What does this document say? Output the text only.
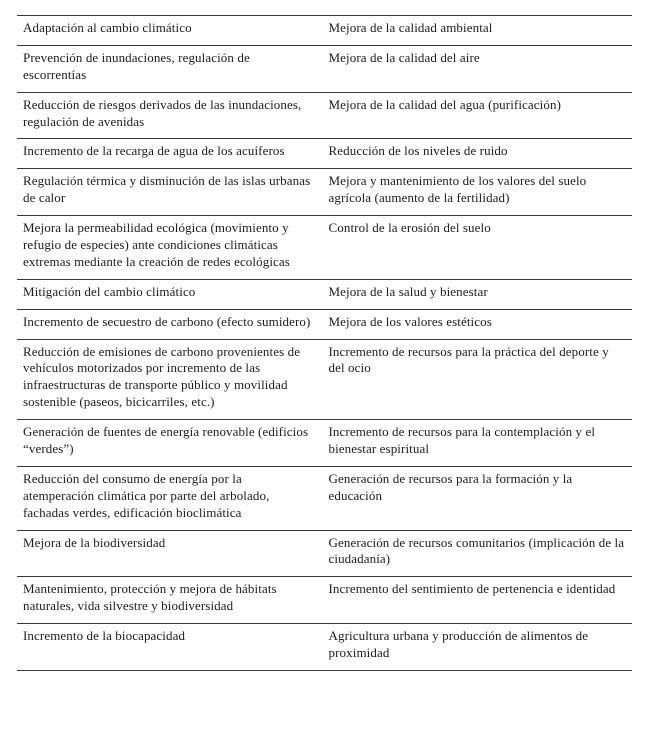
Adaptación al cambio climático	Mejora de la calidad ambiental
Prevención de inundaciones, regulación de escorrentías	Mejora de la calidad del aire
Reducción de riesgos derivados de las inundaciones, regulación de avenidas	Mejora de la calidad del agua (purificación)
Incremento de la recarga de agua de los acuíferos	Reducción de los niveles de ruido
Regulación térmica y disminución de las islas urbanas de calor	Mejora y mantenimiento de los valores del suelo agrícola (aumento de la fertilidad)
Mejora la permeabilidad ecológica (movimiento y refugio de especies) ante condiciones climáticas extremas mediante la creación de redes ecológicas	Control de la erosión del suelo
Mitigación del cambio climático	Mejora de la salud y bienestar
Incremento de secuestro de carbono (efecto sumidero)	Mejora de los valores estéticos
Reducción de emisiones de carbono provenientes de vehículos motorizados por incremento de las infraestructuras de transporte público y movilidad sostenible (paseos, bicicarriles, etc.)	Incremento de recursos para la práctica del deporte y del ocio
Generación de fuentes de energía renovable (edificios “verdes”)	Incremento de recursos para la contemplación y el bienestar espiritual
Reducción del consumo de energía por la atemperación climática por parte del arbolado, fachadas verdes, edificación bioclimática	Generación de recursos para la formación y la educación
Mejora de la biodiversidad	Generación de recursos comunitarios (implicación de la ciudadanía)
Mantenimiento, protección y mejora de hábitats naturales, vida silvestre y biodiversidad	Incremento del sentimiento de pertenencia e identidad
Incremento de la biocapacidad	Agricultura urbana y producción de alimentos de proximidad
